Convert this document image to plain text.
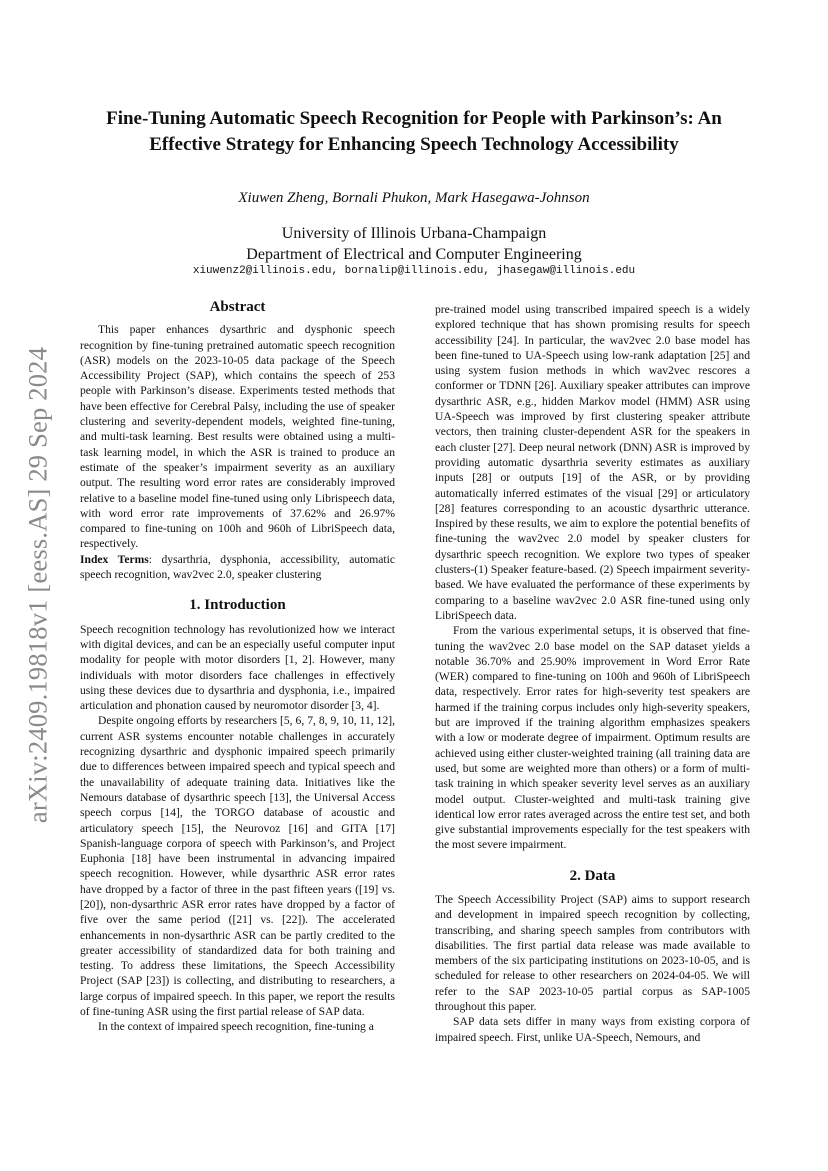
arXiv:2409.19818v1 [eess.AS] 29 Sep 2024
Fine-Tuning Automatic Speech Recognition for People with Parkinson’s: An Effective Strategy for Enhancing Speech Technology Accessibility
Xiuwen Zheng, Bornali Phukon, Mark Hasegawa-Johnson
University of Illinois Urbana-Champaign
Department of Electrical and Computer Engineering
xiuwenz2@illinois.edu, bornalip@illinois.edu, jhasegaw@illinois.edu
Abstract

This paper enhances dysarthric and dysphonic speech recognition by fine-tuning pretrained automatic speech recognition (ASR) models on the 2023-10-05 data package of the Speech Accessibility Project (SAP), which contains the speech of 253 people with Parkinson’s disease. Experiments tested methods that have been effective for Cerebral Palsy, including the use of speaker clustering and severity-dependent models, weighted fine-tuning, and multi-task learning. Best results were obtained using a multi-task learning model, in which the ASR is trained to produce an estimate of the speaker’s impairment severity as an auxiliary output. The resulting word error rates are considerably improved relative to a baseline model fine-tuned using only Librispeech data, with word error rate improvements of 37.62% and 26.97% compared to fine-tuning on 100h and 960h of LibriSpeech data, respectively.

Index Terms: dysarthria, dysphonia, accessibility, automatic speech recognition, wav2vec 2.0, speaker clustering

1. Introduction

Speech recognition technology has revolutionized how we interact with digital devices, and can be an especially useful computer input modality for people with motor disorders [1, 2]. However, many individuals with motor disorders face challenges in effectively using these devices due to dysarthria and dysphonia, i.e., impaired articulation and phonation caused by neuromotor disorder [3, 4].

Despite ongoing efforts by researchers [5, 6, 7, 8, 9, 10, 11, 12], current ASR systems encounter notable challenges in accurately recognizing dysarthric and dysphonic impaired speech primarily due to differences between impaired speech and typical speech and the unavailability of adequate training data. Initiatives like the Nemours database of dysarthric speech [13], the Universal Access speech corpus [14], the TORGO database of acoustic and articulatory speech [15], the Neurovoz [16] and GITA [17] Spanish-language corpora of speech with Parkinson’s, and Project Euphonia [18] have been instrumental in advancing impaired speech recognition. However, while dysarthric ASR error rates have dropped by a factor of three in the past fifteen years ([19] vs. [20]), non-dysarthric ASR error rates have dropped by a factor of five over the same period ([21] vs. [22]). The accelerated enhancements in non-dysarthric ASR can be partly credited to the greater accessibility of standardized data for both training and testing. To address these limitations, the Speech Accessibility Project (SAP [23]) is collecting, and distributing to researchers, a large corpus of impaired speech. In this paper, we report the results of fine-tuning ASR using the first partial release of SAP data.

In the context of impaired speech recognition, fine-tuning a

pre-trained model using transcribed impaired speech is a widely explored technique that has shown promising results for speech accessibility [24]. In particular, the wav2vec 2.0 base model has been fine-tuned to UA-Speech using low-rank adaptation [25] and using system fusion methods in which wav2vec rescores a conformer or TDNN [26]. Auxiliary speaker attributes can improve dysarthric ASR, e.g., hidden Markov model (HMM) ASR using UA-Speech was improved by first clustering speaker attribute vectors, then training cluster-dependent ASR for the speakers in each cluster [27]. Deep neural network (DNN) ASR is improved by providing automatic dysarthria severity estimates as auxiliary inputs [28] or outputs [19] of the ASR, or by providing automatically inferred estimates of the visual [29] or articulatory [28] features corresponding to an acoustic dysarthric utterance. Inspired by these results, we aim to explore the potential benefits of fine-tuning the wav2vec 2.0 model by speaker clusters for dysarthric speech recognition. We explore two types of speaker clusters-(1) Speaker feature-based. (2) Speech impairment severity-based. We have evaluated the performance of these experiments by comparing to a baseline wav2vec 2.0 ASR fine-tuned using only LibriSpeech data.

From the various experimental setups, it is observed that fine-tuning the wav2vec 2.0 base model on the SAP dataset yields a notable 36.70% and 25.90% improvement in Word Error Rate (WER) compared to fine-tuning on 100h and 960h of LibriSpeech data, respectively. Error rates for high-severity test speakers are harmed if the training corpus includes only high-severity speakers, but are improved if the training algorithm emphasizes speakers with a low or moderate degree of impairment. Optimum results are achieved using either cluster-weighted training (all training data are used, but some are weighted more than others) or a form of multi-task training in which speaker severity level serves as an auxiliary model output. Cluster-weighted and multi-task training give identical low error rates averaged across the entire test set, and both give substantial improvements especially for the test speakers with the most severe impairment.

2. Data

The Speech Accessibility Project (SAP) aims to support research and development in impaired speech recognition by collecting, transcribing, and sharing speech samples from contributors with disabilities. The first partial data release was made available to members of the six participating institutions on 2023-10-05, and is scheduled for release to other researchers on 2024-04-05. We will refer to the SAP 2023-10-05 partial corpus as SAP-1005 throughout this paper.

SAP data sets differ in many ways from existing corpora of impaired speech. First, unlike UA-Speech, Nemours, and
